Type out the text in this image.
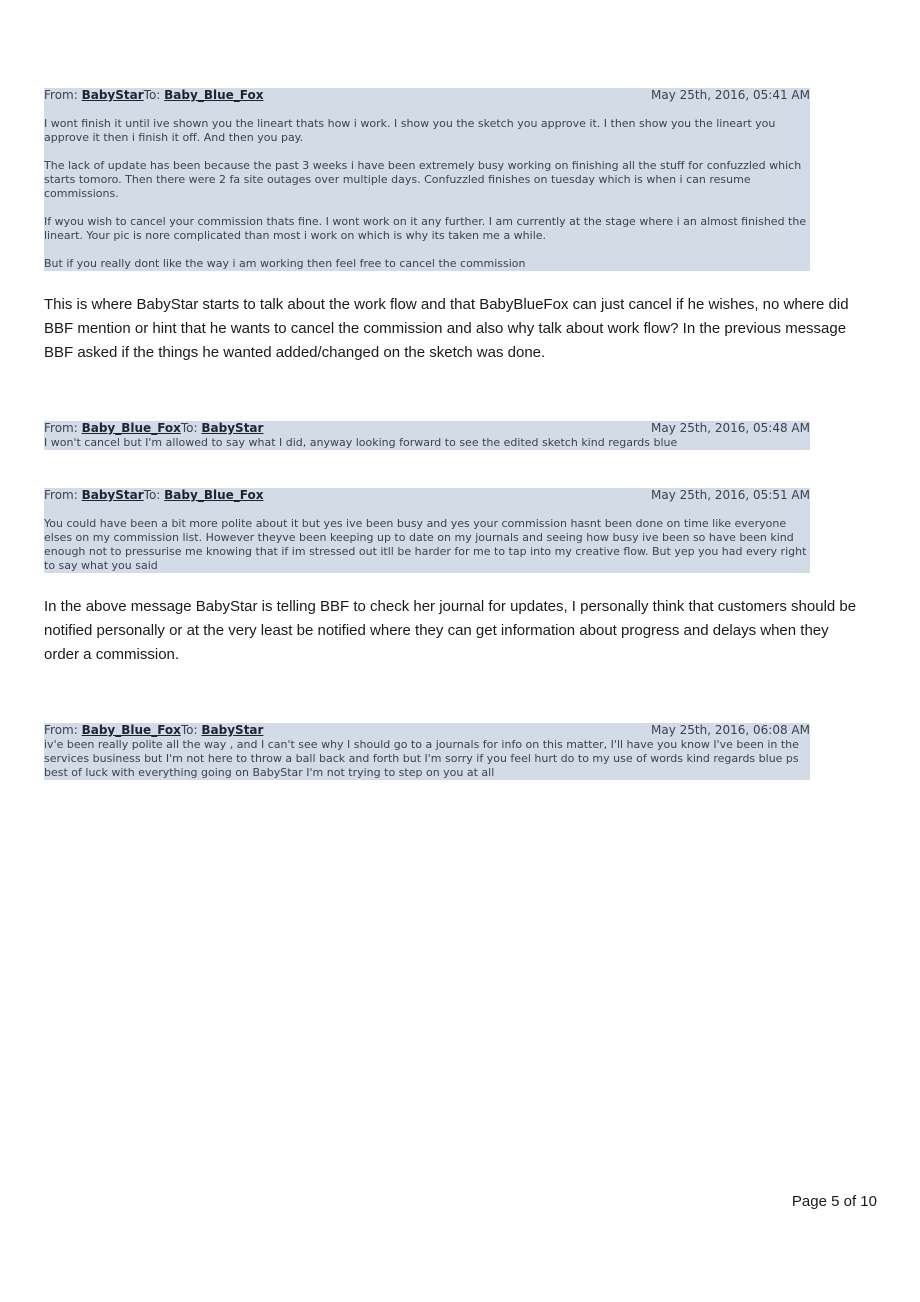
From: BabyStarTo: Baby_Blue_Fox	May 25th, 2016, 05:41 AM

I wont finish it until ive shown you the lineart thats how i work. I show you the sketch you approve it. I then show you the lineart you approve it then i finish it off. And then you pay.

The lack of update has been because the past 3 weeks i have been extremely busy working on finishing all the stuff for confuzzled which starts tomoro. Then there were 2 fa site outages over multiple days. Confuzzled finishes on tuesday which is when i can resume commissions.

If wyou wish to cancel your commission thats fine. I wont work on it any further. I am currently at the stage where i an almost finished the lineart. Your pic is nore complicated than most i work on which is why its taken me a while.

But if you really dont like the way i am working then feel free to cancel the commission

This is where BabyStar starts to talk about the work flow and that BabyBlueFox can just cancel if he wishes, no where did BBF mention or hint that he wants to cancel the commission and also why talk about work flow? In the previous message BBF asked if the things he wanted added/changed on the sketch was done.

From: Baby_Blue_FoxTo: BabyStar	May 25th, 2016, 05:48 AM

I won't cancel but I'm allowed to say what I did, anyway looking forward to see the edited sketch kind regards blue

From: BabyStarTo: Baby_Blue_Fox	May 25th, 2016, 05:51 AM

You could have been a bit more polite about it but yes ive been busy and yes your commission hasnt been done on time like everyone elses on my commission list. However theyve been keeping up to date on my journals and seeing how busy ive been so have been kind enough not to pressurise me knowing that if im stressed out itll be harder for me to tap into my creative flow. But yep you had every right to say what you said

In the above message BabyStar is telling BBF to check her journal for updates, I personally think that customers should be notified personally or at the very least be notified where they can get information about progress and delays when they order a commission.

From: Baby_Blue_FoxTo: BabyStar	May 25th, 2016, 06:08 AM

iv'e been really polite all the way , and I can't see why I should go to a journals for info on this matter, I'll have you know I've been in the services business but I'm not here to throw a ball back and forth but I'm sorry if you feel hurt do to my use of words kind regards blue ps best of luck with everything going on BabyStar I'm not trying to step on you at all

Page 5 of 10
